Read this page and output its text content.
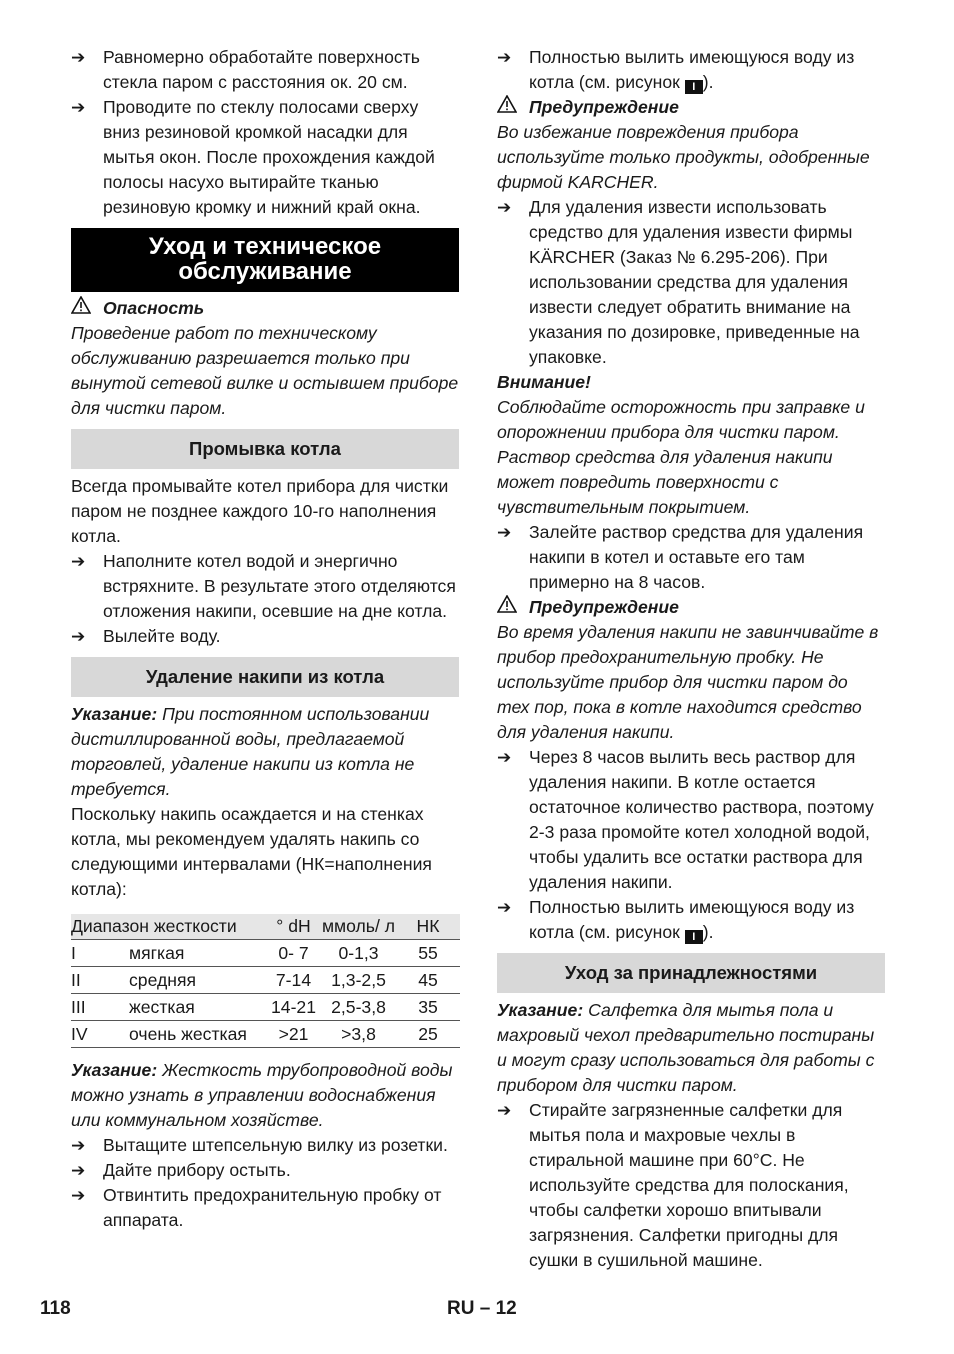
➔	Равномерно обработайте поверхность стекла паром с расстояния ок. 20 см.
➔	Проводите по стеклу полосами сверху вниз резиновой кромкой насадки для мытья окон. После прохождения каждой полосы насухо вытирайте тканью резиновую кромку и нижний край окна.
Уход и техническое обслуживание
Опасность

Проведение работ по техническому обслуживанию разрешается только при вынутой сетевой вилке и остывшем приборе для чистки паром.

Промывка котла

Всегда промывайте котел прибора для чистки паром не позднее каждого 10-го наполнения котла.

➔	Наполните котел водой и энергично встряхните. В результате этого отделяются отложения накипи, осевшие на дне котла.
➔	Вылейте воду.
Удаление накипи из котла

Указание: При постоянном использовании дистиллированной воды, предлагаемой торговлей, удаление накипи из котла не требуется.

Поскольку накипь осаждается и на стенках котла, мы рекомендуем удалять накипь со следующими интервалами (НК=наполнения котла):

Диапазон жесткости		° dH	ммоль/ л	НК
I	мягкая	0- 7	0-1,3	55
II	средняя	7-14	1,3-2,5	45
III	жесткая	14-21	2,5-3,8	35
IV	очень жесткая	>21	>3,8	25

Указание: Жесткость трубопроводной воды можно узнать в управлении водоснабжения или коммунальном хозяйстве.

➔	Вытащите штепсельную вилку из розетки.
➔	Дайте прибору остыть.
➔	Отвинтить предохранительную пробку от аппарата.
➔	Полностью вылить имеющуюся воду из котла (см. рисунок I ).
Предупреждение

Во избежание повреждения прибора используйте только продукты, одобренные фирмой KARCHER.

➔	Для удаления извести использовать средство для удаления извести фирмы KÄRCHER (Заказ № 6.295-206). При использовании средства для удаления извести следует обратить внимание на указания по дозировке, приведенные на упаковке.

Внимание!

Соблюдайте осторожность при заправке и опорожнении прибора для чистки паром. Раствор средства для удаления накипи может повредить поверхности с чувствительным покрытием.

➔	Залейте раствор средства для удаления накипи в котел и оставьте его там примерно на 8 часов.
Предупреждение

Во время удаления накипи не завинчивайте в прибор предохранительную пробку. Не используйте прибор для чистки паром до тех пор, пока в котле находится средство для удаления накипи.

➔	Через 8 часов вылить весь раствор для удаления накипи. В котле остается остаточное количество раствора, поэтому 2-3 раза промойте котел холодной водой, чтобы удалить все остатки раствора для удаления накипи.
➔	Полностью вылить имеющуюся воду из котла (см. рисунок I ).
Уход за принадлежностями

Указание: Салфетка для мытья пола и махровый чехол предварительно постираны и могут сразу использоваться для работы с прибором для чистки паром.

➔	Стирайте загрязненные салфетки для мытья пола и махровые чехлы в стиральной машине при 60°C. Не используйте средства для полоскания, чтобы салфетки хорошо впитывали загрязнения. Салфетки пригодны для сушки в сушильной машине.
118	RU – 12
